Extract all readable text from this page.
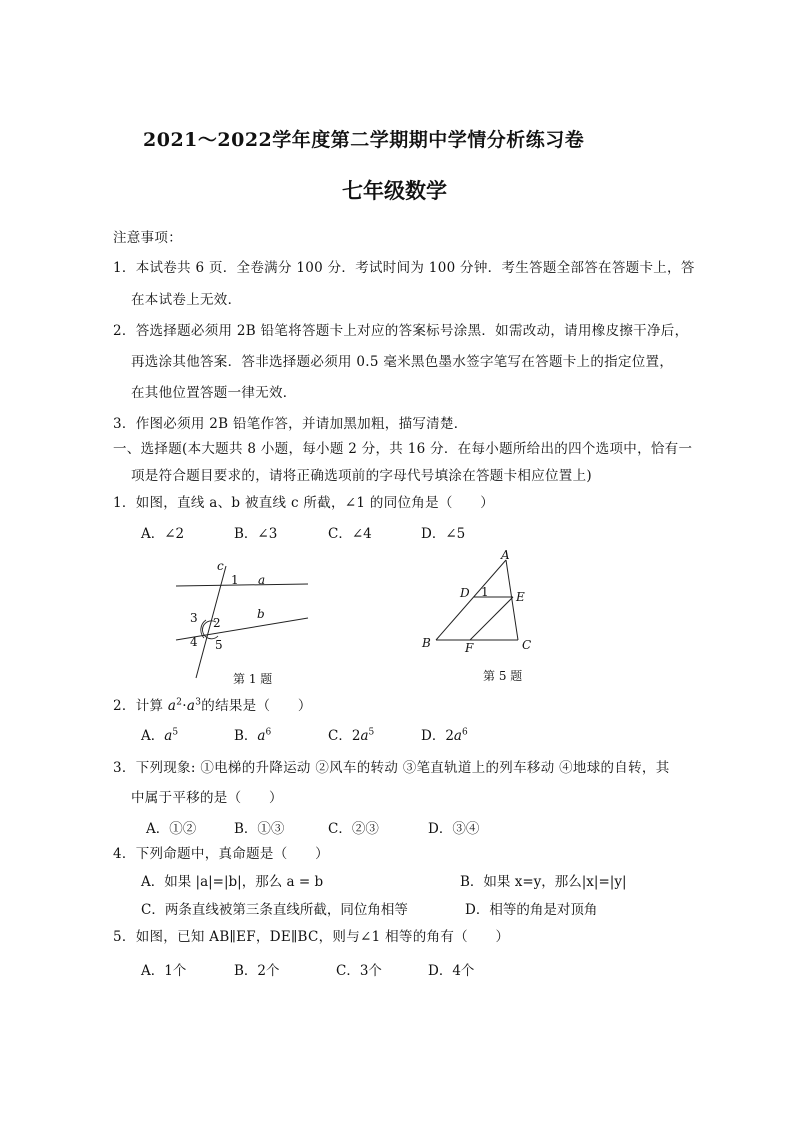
2021～2022学年度第二学期期中学情分析练习卷
七年级数学
注意事项：
1．本试卷共 6 页．全卷满分 100 分．考试时间为 100 分钟．考生答题全部答在答题卡上，答
在本试卷上无效．
2．答选择题必须用 2B 铅笔将答题卡上对应的答案标号涂黑．如需改动，请用橡皮擦干净后，
再选涂其他答案．答非选择题必须用 0.5 毫米黑色墨水签字笔写在答题卡上的指定位置，
在其他位置答题一律无效．
3．作图必须用 2B 铅笔作答，并请加黑加粗，描写清楚．
一、选择题(本大题共 8 小题，每小题 2 分，共 16 分．在每小题所给出的四个选项中，恰有一
项是符合题目要求的，请将正确选项前的字母代号填涂在答题卡相应位置上)
1．如图，直线 a、b 被直线 c 所截，∠1 的同位角是（　　）
A．∠2	B．∠3	C．∠4	D．∠5
c
1 a
b
3 2
4 5
第 1 题
A
D 1 E
B	F	C
第 5 题
2．计算 $a^2\cdot a^3$的结果是（　　）
A．$a^5$	B．$a^6$	C．$2a^5$	D．$2a^6$
3．下列现象: ①电梯的升降运动 ②风车的转动 ③笔直轨道上的列车移动 ④地球的自转，其
中属于平移的是（　　）
A．①②	B．①③	C．②③	D．③④
4．下列命题中，真命题是（　　）
A．如果 |a|=|b|，那么 a = b	B．如果 x=y，那么|x|=|y|
C．两条直线被第三条直线所截，同位角相等	D．相等的角是对顶角
5．如图，已知 AB∥EF，DE∥BC，则与∠1 相等的角有（　　）
A．1个	B．2个	C．3个	D．4个
